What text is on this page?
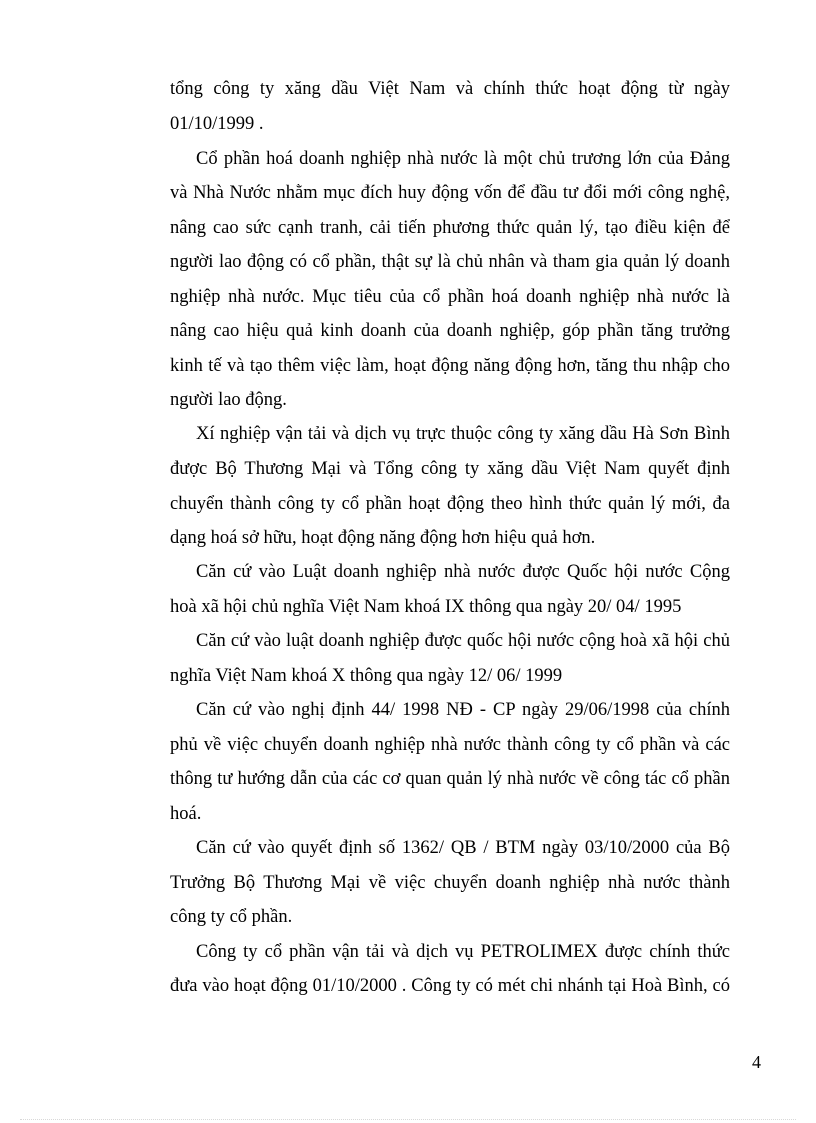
tổng công ty xăng dầu Việt Nam và chính thức hoạt động từ ngày
01/10/1999 .
Cổ phần hoá doanh nghiệp nhà nước là một chủ trương lớn của Đảng
và Nhà Nước nhằm mục đích huy động vốn để đầu tư đổi mới công nghệ,
nâng cao sức cạnh tranh, cải tiến phương thức quản lý, tạo điều kiện để
người lao động có cổ phần, thật sự là chủ nhân và tham gia quản lý doanh
nghiệp nhà nước. Mục tiêu của cổ phần hoá doanh nghiệp nhà nước là
nâng cao hiệu quả kinh doanh của doanh nghiệp, góp phần tăng trưởng
kinh tế và tạo thêm việc làm, hoạt động năng động hơn, tăng thu nhập cho
người lao động.
Xí nghiệp vận tải và dịch vụ trực thuộc công ty xăng dầu Hà Sơn Bình
được Bộ Thương Mại và Tổng công ty xăng dầu Việt Nam quyết định
chuyển thành công ty cổ phần hoạt động theo hình thức quản lý mới, đa
dạng hoá sở hữu, hoạt động năng động hơn hiệu quả hơn.
Căn cứ vào Luật doanh nghiệp nhà nước được Quốc hội nước Cộng
hoà xã hội chủ nghĩa Việt Nam khoá IX thông qua ngày 20/ 04/ 1995
Căn cứ vào luật doanh nghiệp được quốc hội nước cộng hoà xã hội chủ
nghĩa Việt Nam khoá X thông qua ngày 12/ 06/ 1999
Căn cứ vào nghị định 44/ 1998 NĐ - CP ngày 29/06/1998 của chính
phủ về việc chuyển doanh nghiệp nhà nước thành công ty cổ phần và các
thông tư hướng dẫn của các cơ quan quản lý nhà nước về công tác cổ phần
hoá.
Căn cứ vào quyết định số 1362/ QB / BTM ngày 03/10/2000 của Bộ
Trưởng Bộ Thương Mại về việc chuyển doanh nghiệp nhà nước thành
công ty cổ phần.
Công ty cổ phần vận tải và dịch vụ PETROLIMEX được chính thức
đưa vào hoạt động 01/10/2000 . Công ty có mét chi nhánh tại Hoà Bình, có
4
